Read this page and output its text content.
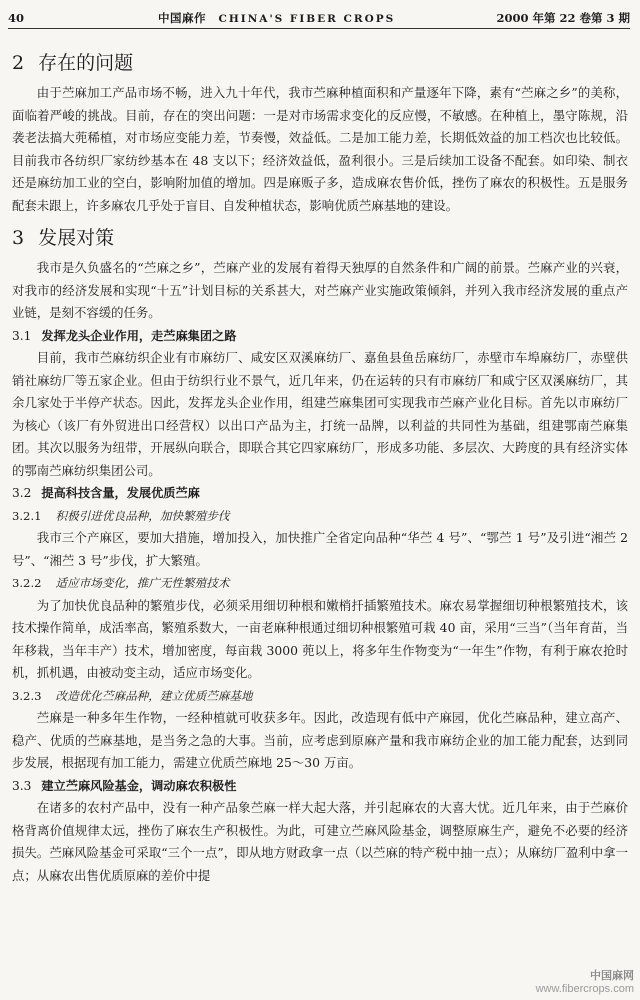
40	中国麻作 CHINA'S FIBER CROPS	2000 年第 22 卷第 3 期
2 存在的问题

由于苎麻加工产品市场不畅，进入九十年代，我市苎麻种植面积和产量逐年下降，素有“苎麻之乡”的美称，面临着严峻的挑战。目前，存在的突出问题：一是对市场需求变化的反应慢，不敏感。在种植上，墨守陈规，沿袭老法搞大蔸稀植，对市场应变能力差，节奏慢，效益低。二是加工能力差，长期低效益的加工档次也比较低。目前我市各纺织厂家纺纱基本在 48 支以下；经济效益低，盈利很小。三是后续加工设备不配套。如印染、制衣还是麻纺加工业的空白，影响附加值的增加。四是麻贩子多，造成麻农售价低，挫伤了麻农的积极性。五是服务配套未跟上，许多麻农几乎处于盲目、自发种植状态，影响优质苎麻基地的建设。

3 发展对策

我市是久负盛名的“苎麻之乡”，苎麻产业的发展有着得天独厚的自然条件和广阔的前景。苎麻产业的兴衰，对我市的经济发展和实现“十五”计划目标的关系甚大，对苎麻产业实施政策倾斜，并列入我市经济发展的重点产业链，是刻不容缓的任务。

3.1 发挥龙头企业作用，走苎麻集团之路

目前，我市苎麻纺织企业有市麻纺厂、咸安区双溪麻纺厂、嘉鱼县鱼岳麻纺厂，赤壁市车埠麻纺厂，赤壁供销社麻纺厂等五家企业。但由于纺织行业不景气，近几年来，仍在运转的只有市麻纺厂和咸宁区双溪麻纺厂，其余几家处于半停产状态。因此，发挥龙头企业作用，组建苎麻集团可实现我市苎麻产业化目标。首先以市麻纺厂为核心（该厂有外贸进出口经营权）以出口产品为主，打统一品牌，以利益的共同性为基础，组建鄂南苎麻集团。其次以服务为纽带，开展纵向联合，即联合其它四家麻纺厂，形成多功能、多层次、大跨度的具有经济实体的鄂南苎麻纺织集团公司。

3.2 提高科技含量，发展优质苎麻
3.2.1 积极引进优良品种，加快繁殖步伐

我市三个产麻区，要加大措施，增加投入，加快推广全省定向品种“华苎 4 号”、“鄂苎 1 号”及引进“湘苎 2 号”、“湘苎 3 号”步伐，扩大繁殖。

3.2.2 适应市场变化，推广无性繁殖技术

为了加快优良品种的繁殖步伐，必须采用细切种根和嫩梢扦插繁殖技术。麻农易掌握细切种根繁殖技术，该技术操作简单，成活率高，繁殖系数大，一亩老麻种根通过细切种根繁殖可栽 40 亩，采用“三当”（当年育苗，当年移栽，当年丰产）技术，增加密度，每亩栽 3000 蔸以上，将多年生作物变为“一年生”作物，有利于麻农抢时机，抓机遇，由被动变主动，适应市场变化。

3.2.3 改造优化苎麻品种，建立优质苎麻基地

苎麻是一种多年生作物，一经种植就可收获多年。因此，改造现有低中产麻园，优化苎麻品种，建立高产、稳产、优质的苎麻基地，是当务之急的大事。当前，应考虑到原麻产量和我市麻纺企业的加工能力配套，达到同步发展，根据现有加工能力，需建立优质苎麻地 25～30 万亩。

3.3 建立苎麻风险基金，调动麻农积极性

在诸多的农村产品中，没有一种产品象苎麻一样大起大落，并引起麻农的大喜大忧。近几年来，由于苎麻价格背离价值规律太远，挫伤了麻农生产积极性。为此，可建立苎麻风险基金，调整原麻生产，避免不必要的经济损失。苎麻风险基金可采取“三个一点”，即从地方财政拿一点（以苎麻的特产税中抽一点）；从麻纺厂盈利中拿一点；从麻农出售优质原麻的差价中提

中国麻网
www.fibercrops.com
